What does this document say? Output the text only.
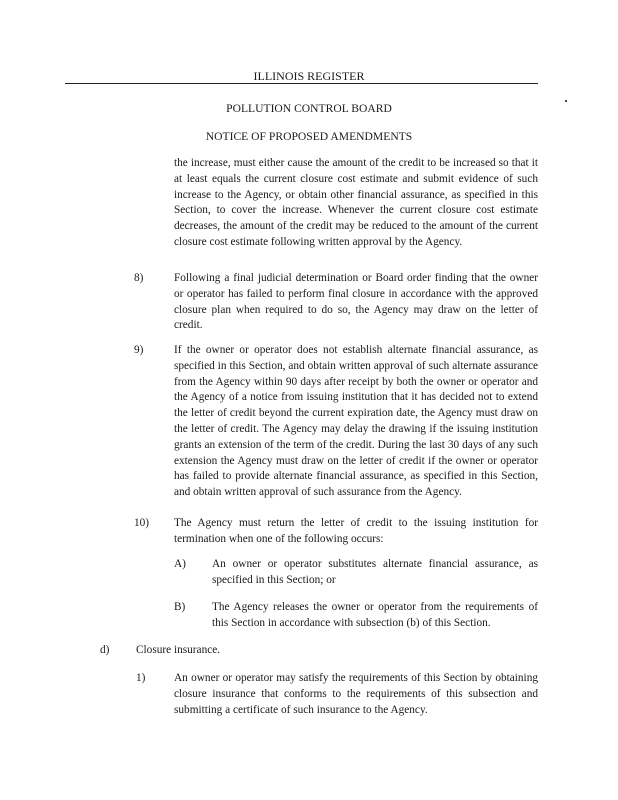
ILLINOIS REGISTER
POLLUTION CONTROL BOARD
NOTICE OF PROPOSED AMENDMENTS
the increase, must either cause the amount of the credit to be increased so that it at least equals the current closure cost estimate and submit evidence of such increase to the Agency, or obtain other financial assurance, as specified in this Section, to cover the increase. Whenever the current closure cost estimate decreases, the amount of the credit may be reduced to the amount of the current closure cost estimate following written approval by the Agency.
8)	Following a final judicial determination or Board order finding that the owner or operator has failed to perform final closure in accordance with the approved closure plan when required to do so, the Agency may draw on the letter of credit.
9)	If the owner or operator does not establish alternate financial assurance, as specified in this Section, and obtain written approval of such alternate assurance from the Agency within 90 days after receipt by both the owner or operator and the Agency of a notice from issuing institution that it has decided not to extend the letter of credit beyond the current expiration date, the Agency must draw on the letter of credit. The Agency may delay the drawing if the issuing institution grants an extension of the term of the credit. During the last 30 days of any such extension the Agency must draw on the letter of credit if the owner or operator has failed to provide alternate financial assurance, as specified in this Section, and obtain written approval of such assurance from the Agency.
10) The Agency must return the letter of credit to the issuing institution for termination when one of the following occurs:
A) An owner or operator substitutes alternate financial assurance, as specified in this Section; or
B) The Agency releases the owner or operator from the requirements of this Section in accordance with subsection (b) of this Section.
d) Closure insurance.
1)	An owner or operator may satisfy the requirements of this Section by obtaining closure insurance that conforms to the requirements of this subsection and submitting a certificate of such insurance to the Agency.
